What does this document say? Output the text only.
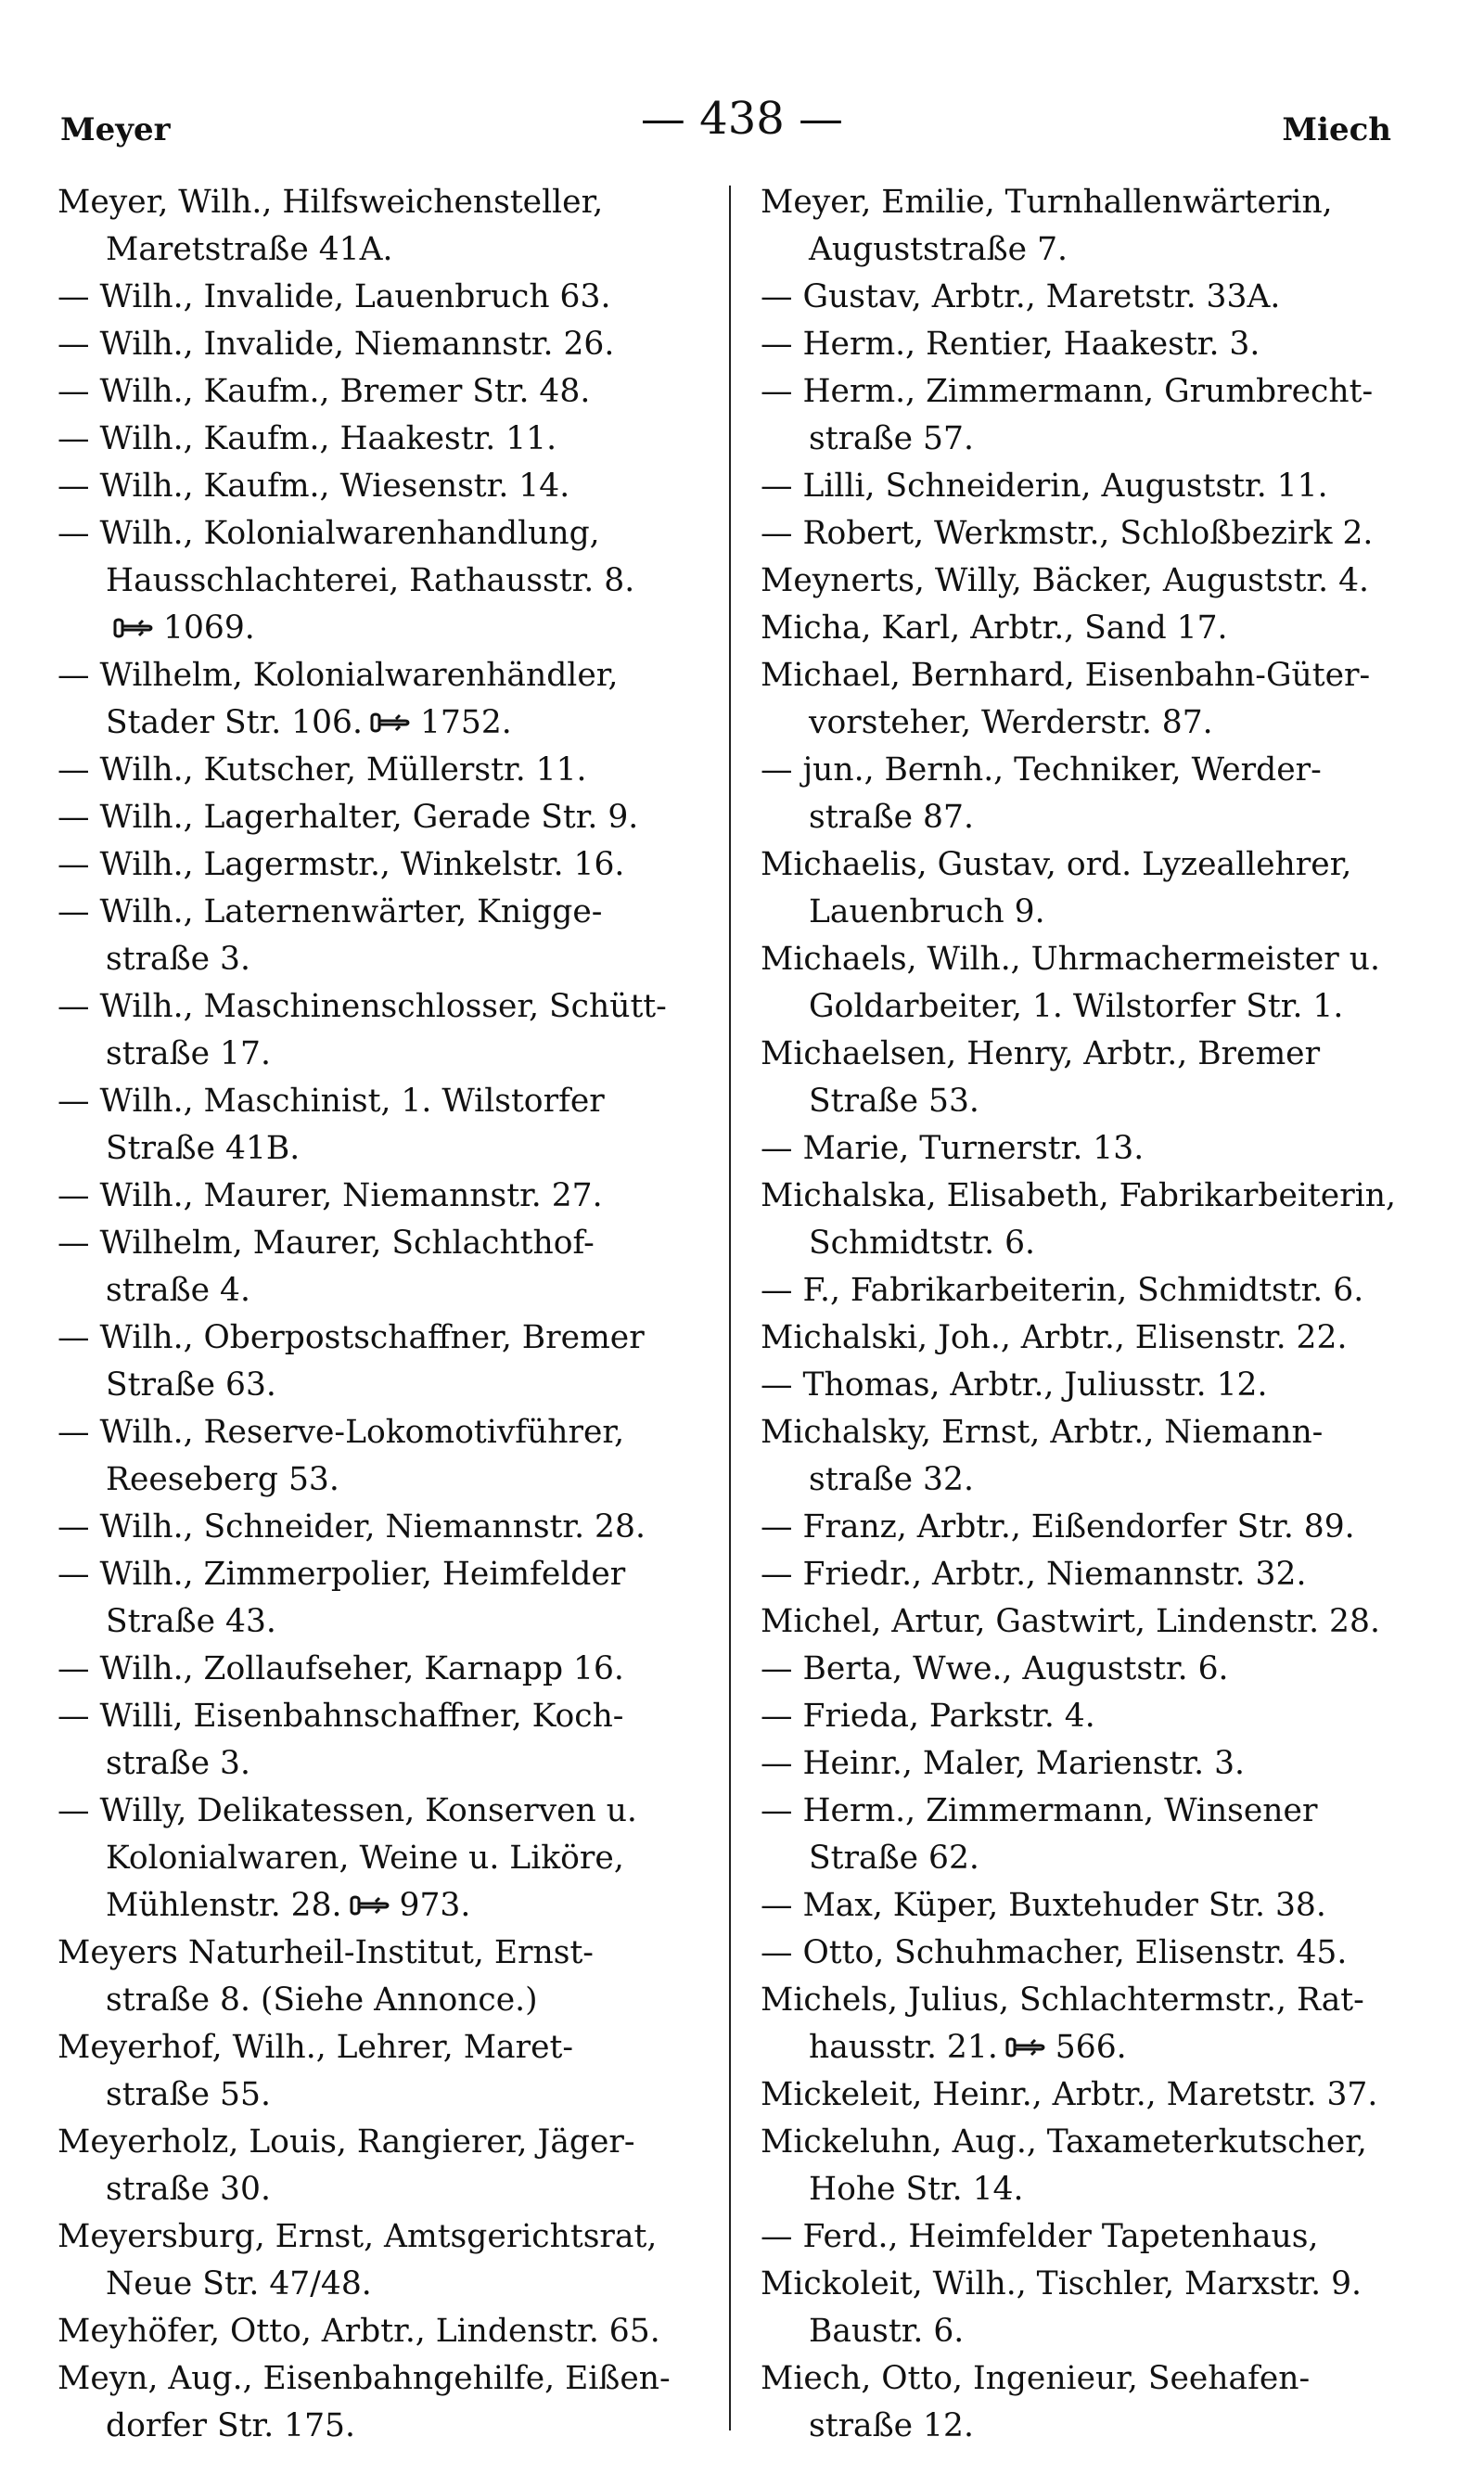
Meyer	— 438 —	Miech
Meyer, Wilh., Hilfsweichensteller,
Maretstraße 41A.
— Wilh., Invalide, Lauenbruch 63.
— Wilh., Invalide, Niemannstr. 26.
— Wilh., Kaufm., Bremer Str. 48.
— Wilh., Kaufm., Haakestr. 11.
— Wilh., Kaufm., Wiesenstr. 14.
— Wilh., Kolonialwarenhandlung,
Hausschlachterei, Rathausstr. 8.
1069.
— Wilhelm, Kolonialwarenhändler,
Stader Str. 106. 1752.
— Wilh., Kutscher, Müllerstr. 11.
— Wilh., Lagerhalter, Gerade Str. 9.
— Wilh., Lagermstr., Winkelstr. 16.
— Wilh., Laternenwärter, Knigge-
straße 3.
— Wilh., Maschinenschlosser, Schütt-
straße 17.
— Wilh., Maschinist, 1. Wilstorfer
Straße 41B.
— Wilh., Maurer, Niemannstr. 27.
— Wilhelm, Maurer, Schlachthof-
straße 4.
— Wilh., Oberpostschaffner, Bremer
Straße 63.
— Wilh., Reserve-Lokomotivführer,
Reeseberg 53.
— Wilh., Schneider, Niemannstr. 28.
— Wilh., Zimmerpolier, Heimfelder
Straße 43.
— Wilh., Zollaufseher, Karnapp 16.
— Willi, Eisenbahnschaffner, Koch-
straße 3.
— Willy, Delikatessen, Konserven u.
Kolonialwaren, Weine u. Liköre,
Mühlenstr. 28. 973.
Meyers Naturheil-Institut, Ernst-
straße 8. (Siehe Annonce.)
Meyerhof, Wilh., Lehrer, Maret-
straße 55.
Meyerholz, Louis, Rangierer, Jäger-
straße 30.
Meyersburg, Ernst, Amtsgerichtsrat,
Neue Str. 47/48.
Meyhöfer, Otto, Arbtr., Lindenstr. 65.
Meyn, Aug., Eisenbahngehilfe, Eißen-
dorfer Str. 175.
Meyer, Emilie, Turnhallenwärterin,
Auguststraße 7.
— Gustav, Arbtr., Maretstr. 33A.
— Herm., Rentier, Haakestr. 3.
— Herm., Zimmermann, Grumbrecht-
straße 57.
— Lilli, Schneiderin, Auguststr. 11.
— Robert, Werkmstr., Schloßbezirk 2.
Meynerts, Willy, Bäcker, Auguststr. 4.
Micha, Karl, Arbtr., Sand 17.
Michael, Bernhard, Eisenbahn-Güter-
vorsteher, Werderstr. 87.
— jun., Bernh., Techniker, Werder-
straße 87.
Michaelis, Gustav, ord. Lyzeallehrer,
Lauenbruch 9.
Michaels, Wilh., Uhrmachermeister u.
Goldarbeiter, 1. Wilstorfer Str. 1.
Michaelsen, Henry, Arbtr., Bremer
Straße 53.
— Marie, Turnerstr. 13.
Michalska, Elisabeth, Fabrikarbeiterin,
Schmidtstr. 6.
— F., Fabrikarbeiterin, Schmidtstr. 6.
Michalski, Joh., Arbtr., Elisenstr. 22.
— Thomas, Arbtr., Juliusstr. 12.
Michalsky, Ernst, Arbtr., Niemann-
straße 32.
— Franz, Arbtr., Eißendorfer Str. 89.
— Friedr., Arbtr., Niemannstr. 32.
Michel, Artur, Gastwirt, Lindenstr. 28.
— Berta, Wwe., Auguststr. 6.
— Frieda, Parkstr. 4.
— Heinr., Maler, Marienstr. 3.
— Herm., Zimmermann, Winsener
Straße 62.
— Max, Küper, Buxtehuder Str. 38.
— Otto, Schuhmacher, Elisenstr. 45.
Michels, Julius, Schlachtermstr., Rat-
hausstr. 21. 566.
Mickeleit, Heinr., Arbtr., Maretstr. 37.
Mickeluhn, Aug., Taxameterkutscher,
Hohe Str. 14.
— Ferd., Heimfelder Tapetenhaus,
Mickoleit, Wilh., Tischler, Marxstr. 9.
Baustr. 6.
Miech, Otto, Ingenieur, Seehafen-
straße 12.
